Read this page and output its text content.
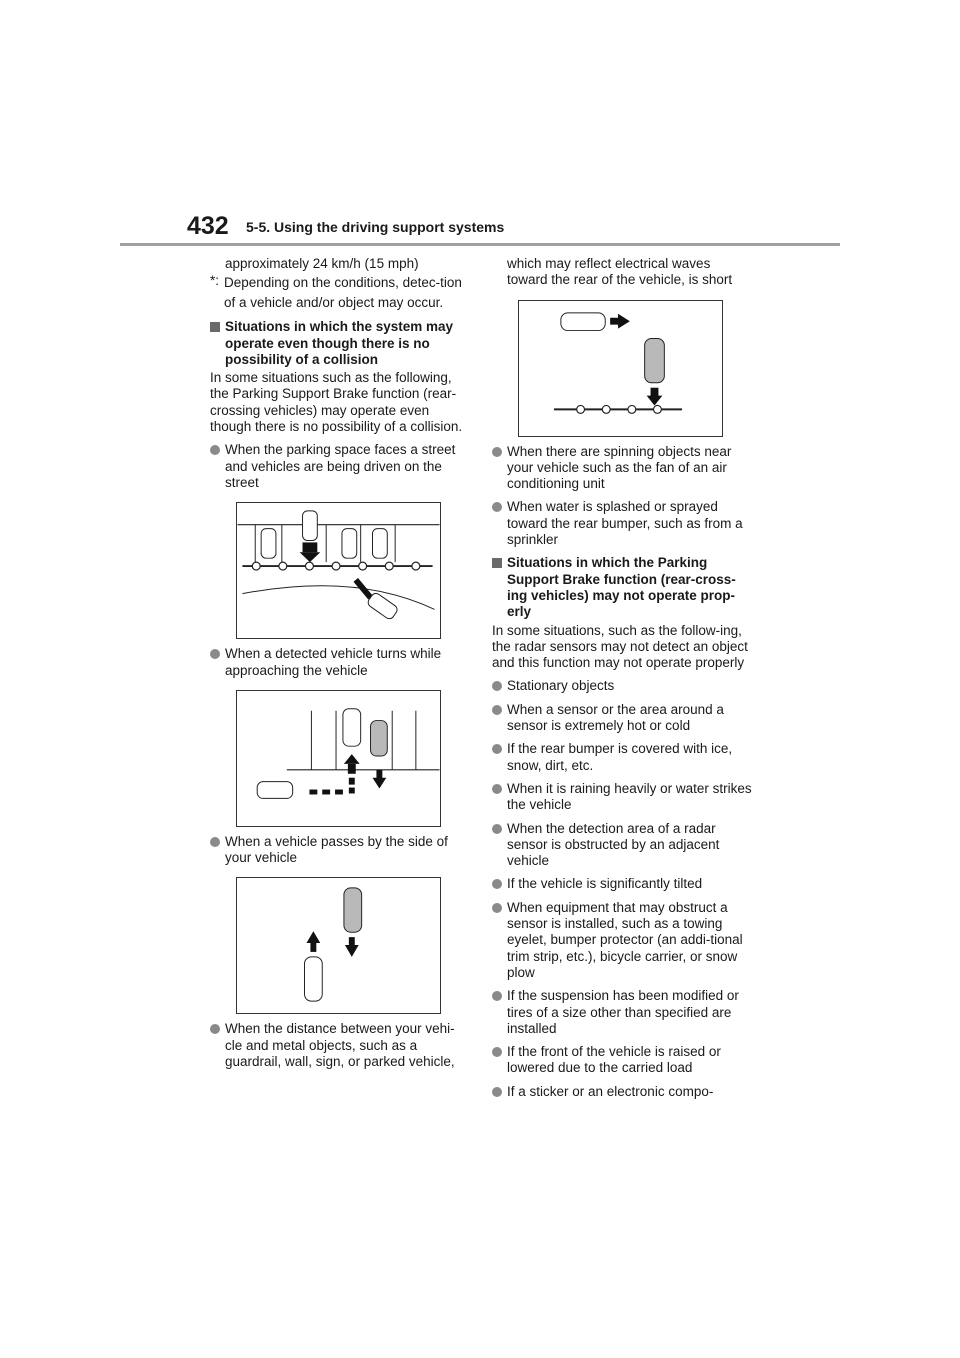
432 5-5. Using the driving support systems

approximately 24 km/h (15 mph)

*: Depending on the conditions, detec-tion of a vehicle and/or object may occur.
Situations in which the system may operate even though there is no possibility of a collision

In some situations such as the following, the Parking Support Brake function (rear-crossing vehicles) may operate even though there is no possibility of a collision.

When the parking space faces a street and vehicles are being driven on the street
When a detected vehicle turns while approaching the vehicle
When a vehicle passes by the side of your vehicle
When the distance between your vehi-cle and metal objects, such as a guardrail, wall, sign, or parked vehicle,

which may reflect electrical waves toward the rear of the vehicle, is short

When there are spinning objects near your vehicle such as the fan of an air conditioning unit
When water is splashed or sprayed toward the rear bumper, such as from a sprinkler
Situations in which the Parking Support Brake function (rear-cross-ing vehicles) may not operate prop-erly

In some situations, such as the follow-ing, the radar sensors may not detect an object and this function may not operate properly

Stationary objects
When a sensor or the area around a sensor is extremely hot or cold
If the rear bumper is covered with ice, snow, dirt, etc.
When it is raining heavily or water strikes the vehicle
When the detection area of a radar sensor is obstructed by an adjacent vehicle
If the vehicle is significantly tilted
When equipment that may obstruct a sensor is installed, such as a towing eyelet, bumper protector (an addi-tional trim strip, etc.), bicycle carrier, or snow plow
If the suspension has been modified or tires of a size other than specified are installed
If the front of the vehicle is raised or lowered due to the carried load
If a sticker or an electronic compo-
